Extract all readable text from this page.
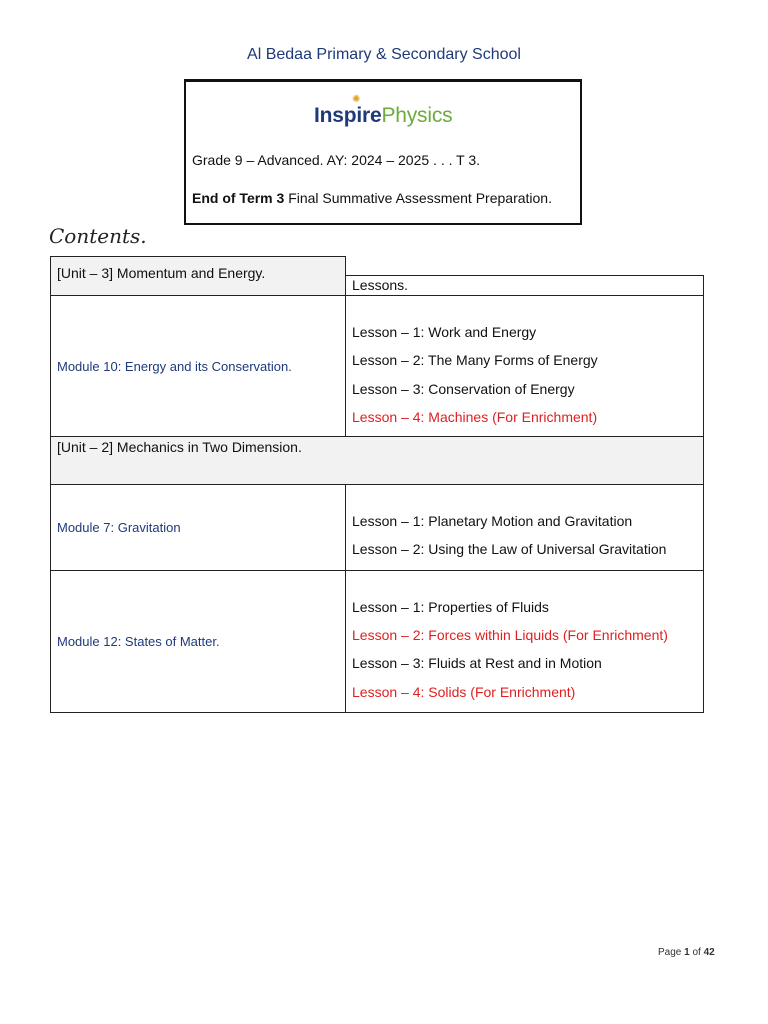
Al Bedaa Primary & Secondary School
✺
InspirePhysics
Grade 9 – Advanced. AY: 2024 – 2025 . . . T 3.
End of Term 3 Final Summative Assessment Preparation.
Contents.
[Unit – 3] Momentum and Energy.
Lessons.
Module 10: Energy and its Conservation.
Lesson – 1: Work and Energy
Lesson – 2: The Many Forms of Energy
Lesson – 3: Conservation of Energy
Lesson – 4: Machines (For Enrichment)
[Unit – 2] Mechanics in Two Dimension.
Module 7: Gravitation	Lesson – 1: Planetary Motion and Gravitation
Lesson – 2: Using the Law of Universal Gravitation
Module 12: States of Matter.
Lesson – 1: Properties of Fluids
Lesson – 2: Forces within Liquids (For Enrichment)
Lesson – 3: Fluids at Rest and in Motion
Lesson – 4: Solids (For Enrichment)
Page 1 of 42
